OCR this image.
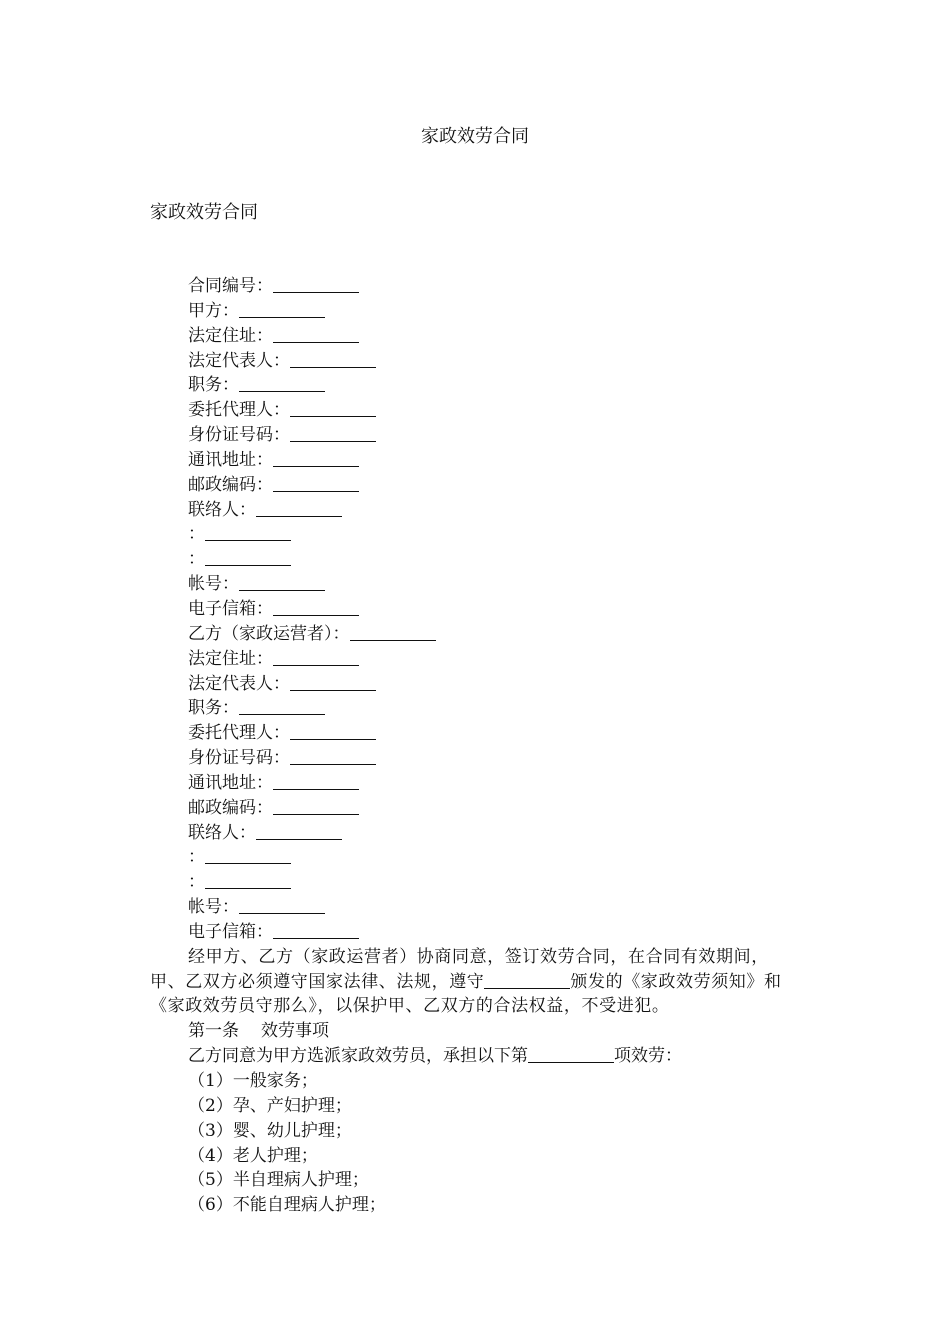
家政效劳合同
家政效劳合同
合同编号：
甲方：
法定住址：
法定代表人：
职务：
委托代理人：
身份证号码：
通讯地址：
邮政编码：
联络人：
：
：
帐号：
电子信箱：
乙方（家政运营者）：
法定住址：
法定代表人：
职务：
委托代理人：
身份证号码：
通讯地址：
邮政编码：
联络人：
：
：
帐号：
电子信箱：
经甲方、乙方（家政运营者）协商同意，签订效劳合同，在合同有效期间，甲、乙双方必须遵守国家法律、法规，遵守	颁发的《家政效劳须知》和《家政效劳员守那么》，以保护甲、乙双方的合法权益，不受进犯。
第一条 效劳事项
乙方同意为甲方选派家政效劳员，承担以下第	项效劳：
（1）一般家务；
（2）孕、产妇护理；
（3）婴、幼儿护理；
（4）老人护理；
（5）半自理病人护理；
（6）不能自理病人护理；
